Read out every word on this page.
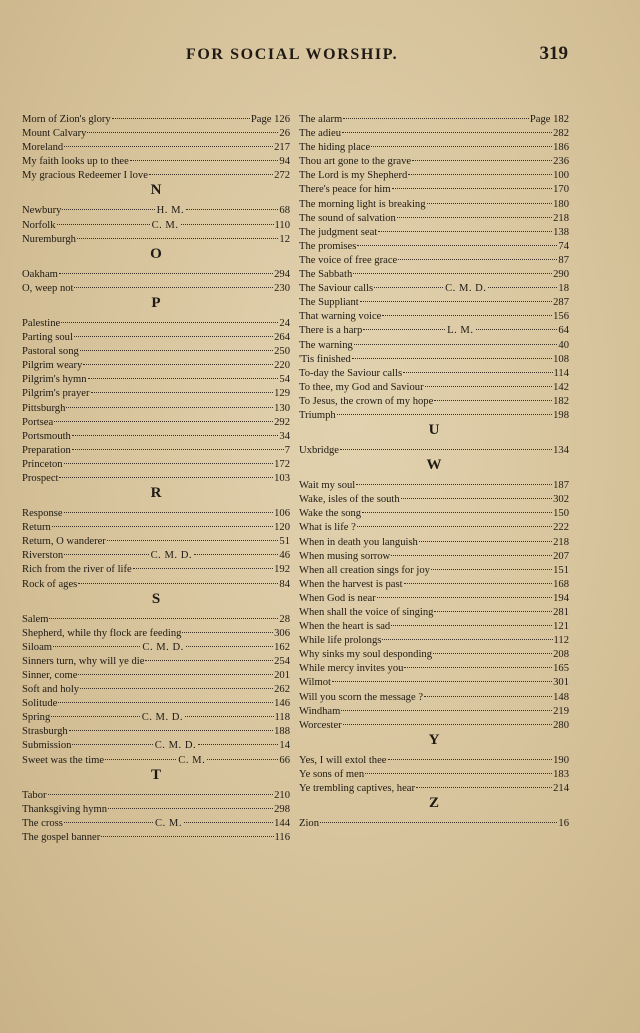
FOR SOCIAL WORSHIP.	319
Morn of Zion's glory	Page 126
Mount Calvary	26
Moreland	217
My faith looks up to thee	94
My gracious Redeemer I love	272
N
Newbury	H. M.	68
Norfolk	C. M.	110
Nuremburgh	12
O
Oakham	294
O, weep not	230
P
Palestine	24
Parting soul	264
Pastoral song	250
Pilgrim weary	220
Pilgrim's hymn	54
Pilgrim's prayer	129
Pittsburgh	130
Portsea	292
Portsmouth	34
Preparation	7
Princeton	172
Prospect	103
R
Response	106
Return	120
Return, O wanderer	51
Riverston	C. M. D.	46
Rich from the river of life	192
Rock of ages	84
S
Salem	28
Shepherd, while thy flock are feeding	306
Siloam	C. M. D.	162
Sinners turn, why will ye die	254
Sinner, come	201
Soft and holy	262
Solitude	146
Spring	C. M. D.	118
Strasburgh	188
Submission	C. M. D.	14
Sweet was the time	C. M.	66
T
Tabor	210
Thanksgiving hymn	298
The cross	C. M.	144
The gospel banner	116
The alarm	Page 182
The adieu	282
The hiding place	186
Thou art gone to the grave	236
The Lord is my Shepherd	100
There's peace for him	170
The morning light is breaking	180
The sound of salvation	218
The judgment seat	138
The promises	74
The voice of free grace	87
The Sabbath	290
The Saviour calls	C. M. D.	18
The Suppliant	287
That warning voice	156
There is a harp	L. M.	64
The warning	40
'Tis finished	108
To-day the Saviour calls	114
To thee, my God and Saviour	142
To Jesus, the crown of my hope	182
Triumph	198
U
Uxbridge	134
W
Wait my soul	187
Wake, isles of the south	302
Wake the song	150
What is life ?	222
When in death you languish	218
When musing sorrow	207
When all creation sings for joy	151
When the harvest is past	168
When God is near	194
When shall the voice of singing	281
When the heart is sad	121
While life prolongs	112
Why sinks my soul desponding	208
While mercy invites you	165
Wilmot	301
Will you scorn the message ?	148
Windham	219
Worcester	280
Y
Yes, I will extol thee	190
Ye sons of men	183
Ye trembling captives, hear	214
Z
Zion	16
